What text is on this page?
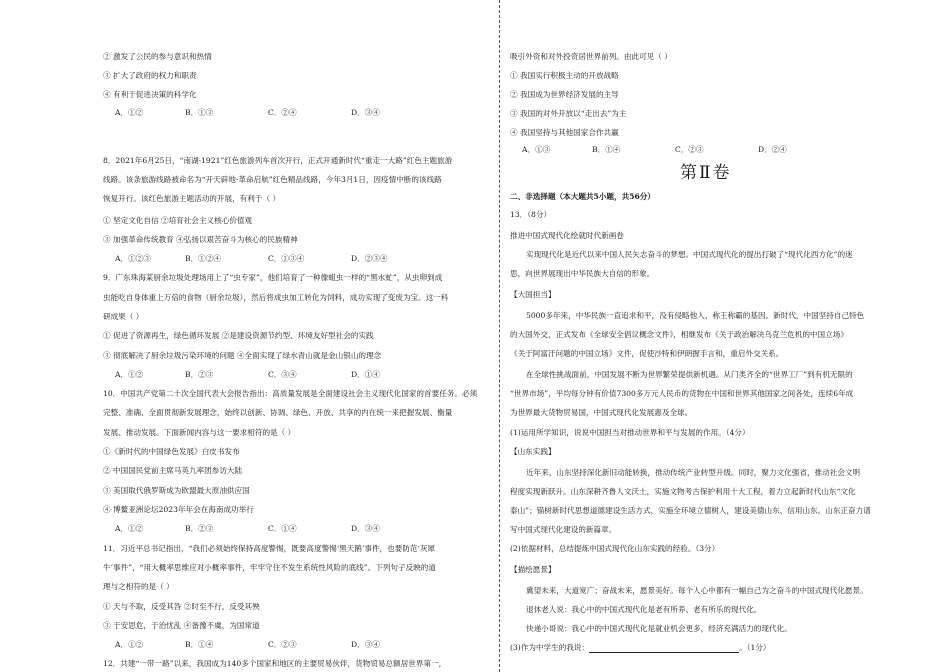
② 激发了公民的参与意识和热情
③ 扩大了政府的权力和职责
④ 有利于促进决策的科学化
A．①②	B．①③	C．②④	D．③④
8．2021年6月25日，“南湖·1921”红色旅游列车首次开行，正式开通新时代“重走一大路”红色主题旅游
线路。该条旅游线路被命名为“开天辟地·革命启航”红色精品线路，今年3月1日，因疫情中断的该线路
恢复开行。该红色旅游主题活动的开展，有利于（ ）
① 坚定文化自信 ②培育社会主义核心价值观
③ 加强革命传统教育 ④弘扬以艰苦奋斗为核心的民族精神
A．①②③	B．①②④	C．①③④	D．②③④
9．广东珠海某厨余垃圾处理场用上了“虫专家”，他们培育了一种像蛆虫一样的“黑水虻”，从虫卵到成
虫能吃自身体重上万倍的食物（厨余垃圾），然后将成虫加工转化为饲料，成功实现了变废为宝。这一科
研成果（ ）
① 促进了资源再生，绿色循环发展 ②是建设资源节约型、环境友好型社会的实践
③ 彻底解决了厨余垃圾污染环境的问题 ④全面实现了绿水青山就是金山银山的理念
A．①②	B．②③	C．③④	D．①④
10．中国共产党第二十次全国代表大会报告指出：高质量发展是全面建设社会主义现代化国家的首要任务。必须
完整、准确、全面贯彻新发展理念，始终以创新、协调、绿色、开放、共享的内在统一来把握发展、衡量
发展、推动发展。下面新闻内容与这一要求相符的是（ ）
①《新时代的中国绿色发展》白皮书发布
② 中国国民党前主席马英九率团参访大陆
③ 美国取代俄罗斯成为欧盟最大原油供应国
④ 博鳌亚洲论坛2023年年会在海南成功举行
A．①②	B．②③	C．①④	D．③④
11．习近平总书记指出，“我们必须始终保持高度警惕，既要高度警惕‘黑天鹅’事件，也要防范‘灰犀
牛’事件”，“用大概率思维应对小概率事件，牢牢守住不发生系统性风险的底线”。下列句子反映的道
理与之相符的是（ ）
① 天与不取，反受其咎 ②时至不行，反受其殃
③ 于安思危，于治忧乱 ④备豫不虞，为国常道
A．①②	B．①④	C．②③	D．③④
12．共建“一带一路”以来，我国成为140多个国家和地区的主要贸易伙伴，货物贸易总额居世界第一，
A．①③	B．①④	C．②③	D．②④
④ 我国坚持与其他国家合作共赢
③ 我国的对外开放以“走出去”为主
② 我国成为世界经济发展的主导
① 我国实行积极主动的开放战略
吸引外资和对外投资居世界前列。由此可见（ ）
第Ⅱ卷
二、非选择题（本大题共5小题，共56分）
13．（8分）
推进中国式现代化绘就时代新画卷
实现现代化是近代以来中国人民矢志奋斗的梦想。中国式现代化的提出打破了“现代化西方化”的迷
思，向世界展现出中华民族大自信的形象。
【大国担当】
5000多年来，中华民族一直追求和平，没有侵略他人、称王称霸的基因。新时代，中国坚持自己特色
的大国外交，正式发布《全球安全倡议概念文件》，相继发布《关于政治解决乌克兰危机的中国立场》
《关于阿富汗问题的中国立场》文件，促使沙特和伊朗握手言和，重启外交关系。
在全球性挑战面前，中国发展不断为世界繁荣提供新机遇。从门类齐全的“世界工厂”到有机无限的
“世界市场”，平均每分钟有价值7300多万元人民币的货物在中国和世界其他国家之间各处，连续6年成
为世界最大货物贸易国，中国式现代化发展惠及全球。
(1)运用所学知识，说说中国担当对推动世界和平与发展的作用。（4分）
【山东实践】
近年来，山东坚持深化新旧动能转换，推动传统产业转型升级。同时，聚力文化强省，推动社会文明
程度实现新跃升。山东深耕齐鲁人文沃土，实施文物考古保护利用十大工程，着力立起新时代山东“文化
泰山”；锚树新时代思想道德建设生活方式，实施全环境立德树人，建设美德山东、信用山东。山东正奋力谱
写中国式现代化建设的新篇章。
(2)依据材料，总结提炼中国式现代化山东实践的经验。（3分）
【描绘愿景】
冀望未来，大道宽广；奋战未来，愿景美好。每个人心中都有一幅自己为之奋斗的中国式现代化愿景。
退休老人说：我心中的中国式现代化是老有所养、老有所乐的现代化。
快递小哥说：我心中的中国式现代化是就业机会更多，经济充满活力的现代化。
(3)作为中学生的我说：	。（1分）
